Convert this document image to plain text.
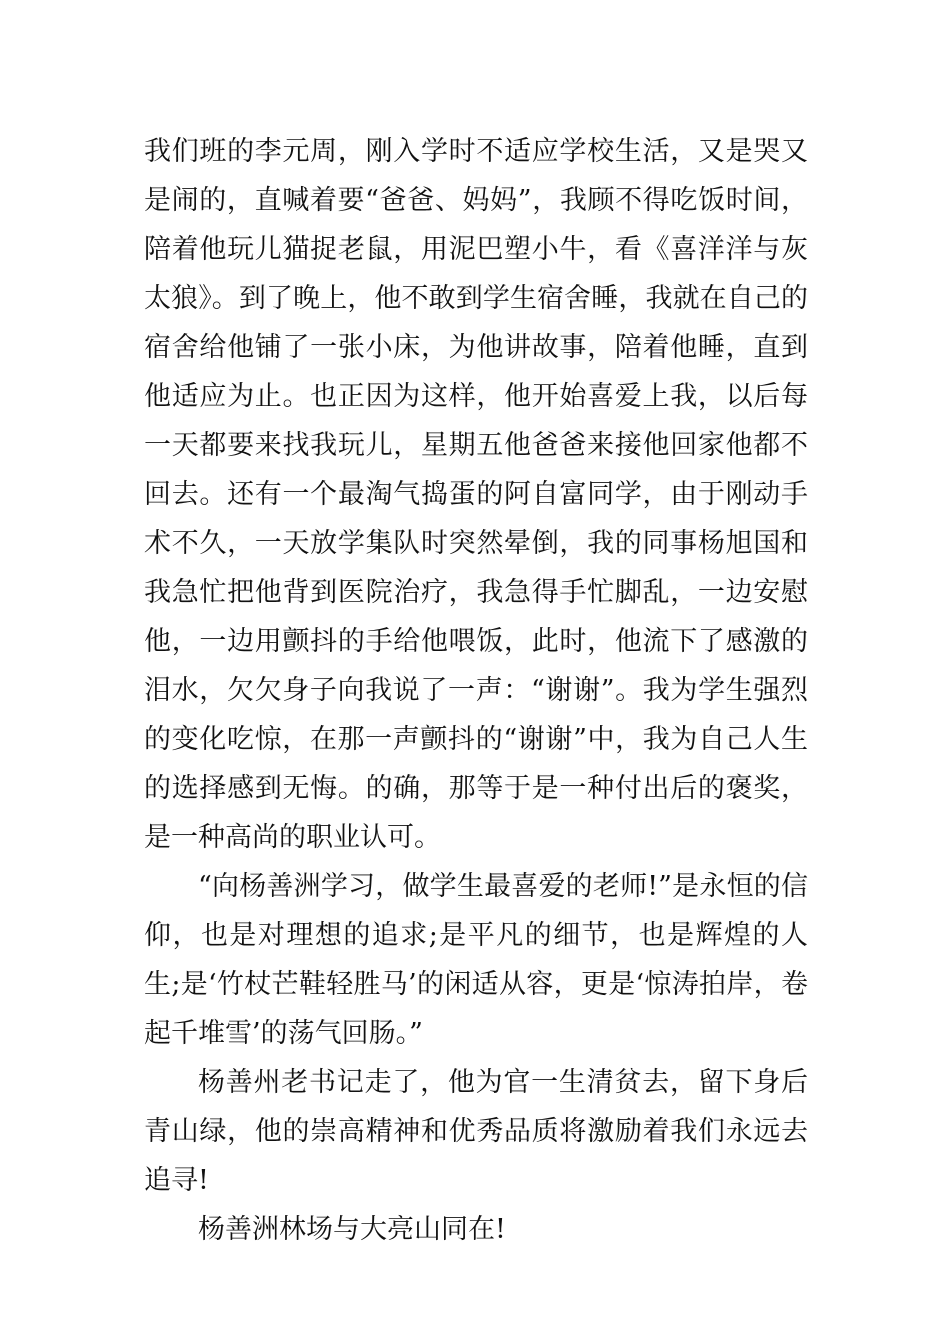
我们班的李元周，刚入学时不适应学校生活，又是哭又是闹的，直喊着要“爸爸、妈妈”，我顾不得吃饭时间，陪着他玩儿猫捉老鼠，用泥巴塑小牛，看《喜洋洋与灰太狼》。到了晚上，他不敢到学生宿舍睡，我就在自己的宿舍给他铺了一张小床，为他讲故事，陪着他睡，直到他适应为止。也正因为这样，他开始喜爱上我，以后每一天都要来找我玩儿，星期五他爸爸来接他回家他都不回去。还有一个最淘气捣蛋的阿自富同学，由于刚动手术不久，一天放学集队时突然晕倒，我的同事杨旭国和我急忙把他背到医院治疗，我急得手忙脚乱，一边安慰他，一边用颤抖的手给他喂饭，此时，他流下了感激的泪水，欠欠身子向我说了一声：“谢谢”。我为学生强烈的变化吃惊，在那一声颤抖的“谢谢”中，我为自己人生的选择感到无悔。的确，那等于是一种付出后的褒奖，是一种高尚的职业认可。

“向杨善洲学习，做学生最喜爱的老师!”是永恒的信仰，也是对理想的追求;是平凡的细节，也是辉煌的人生;是‘竹杖芒鞋轻胜马’的闲适从容，更是‘惊涛拍岸，卷起千堆雪’的荡气回肠。”

杨善州老书记走了，他为官一生清贫去，留下身后青山绿，他的崇高精神和优秀品质将激励着我们永远去追寻!

杨善洲林场与大亮山同在!
